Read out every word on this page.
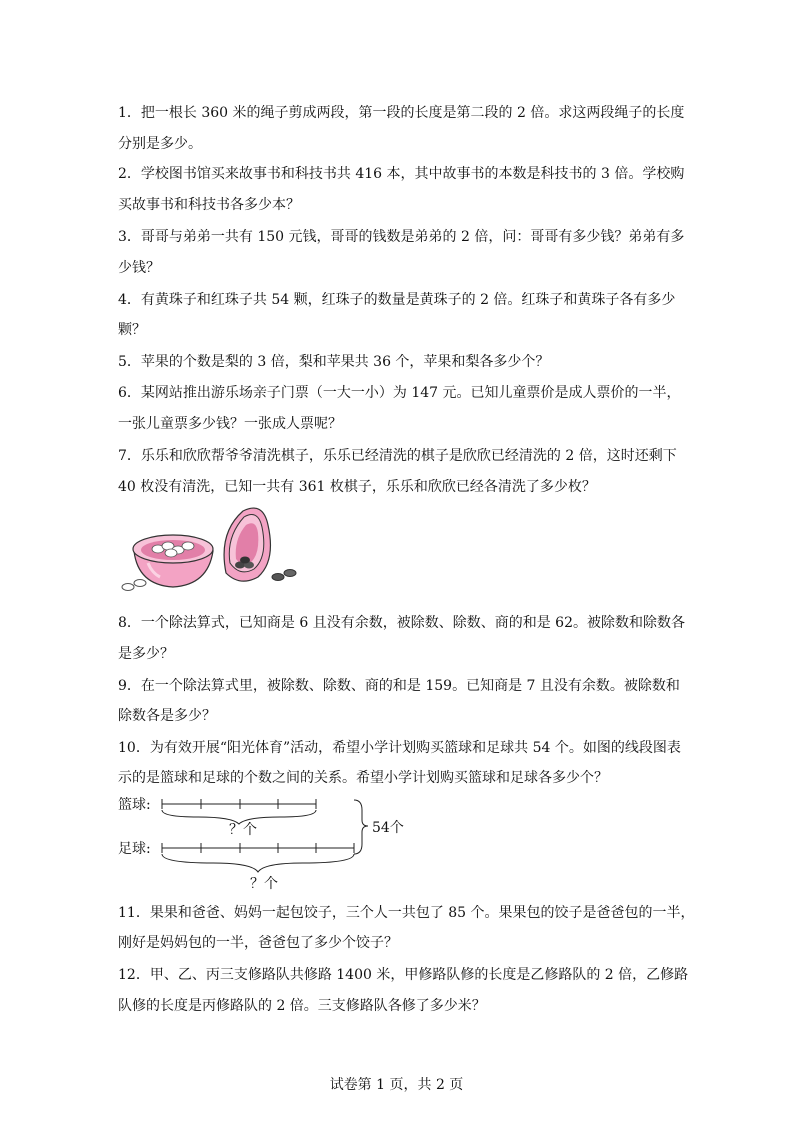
1．把一根长 360 米的绳子剪成两段，第一段的长度是第二段的 2 倍。求这两段绳子的长度
分别是多少。
2．学校图书馆买来故事书和科技书共 416 本，其中故事书的本数是科技书的 3 倍。学校购
买故事书和科技书各多少本？
3．哥哥与弟弟一共有 150 元钱，哥哥的钱数是弟弟的 2 倍，问：哥哥有多少钱？弟弟有多
少钱？
4．有黄珠子和红珠子共 54 颗，红珠子的数量是黄珠子的 2 倍。红珠子和黄珠子各有多少
颗？
5．苹果的个数是梨的 3 倍，梨和苹果共 36 个，苹果和梨各多少个？
6．某网站推出游乐场亲子门票（一大一小）为 147 元。已知儿童票价是成人票价的一半，
一张儿童票多少钱？一张成人票呢？
7．乐乐和欣欣帮爷爷清洗棋子，乐乐已经清洗的棋子是欣欣已经清洗的 2 倍，这时还剩下
40 枚没有清洗，已知一共有 361 枚棋子，乐乐和欣欣已经各清洗了多少枚？
8．一个除法算式，已知商是 6 且没有余数，被除数、除数、商的和是 62。被除数和除数各
是多少？
9．在一个除法算式里，被除数、除数、商的和是 159。已知商是 7 且没有余数。被除数和
除数各是多少？
10．为有效开展“阳光体育”活动，希望小学计划购买篮球和足球共 54 个。如图的线段图表
示的是篮球和足球的个数之间的关系。希望小学计划购买篮球和足球各多少个？
篮球:
？个
足球:
？个
54个
11．果果和爸爸、妈妈一起包饺子，三个人一共包了 85 个。果果包的饺子是爸爸包的一半，
刚好是妈妈包的一半，爸爸包了多少个饺子？
12．甲、乙、丙三支修路队共修路 1400 米，甲修路队修的长度是乙修路队的 2 倍，乙修路
队修的长度是丙修路队的 2 倍。三支修路队各修了多少米？
试卷第 1 页，共 2 页
